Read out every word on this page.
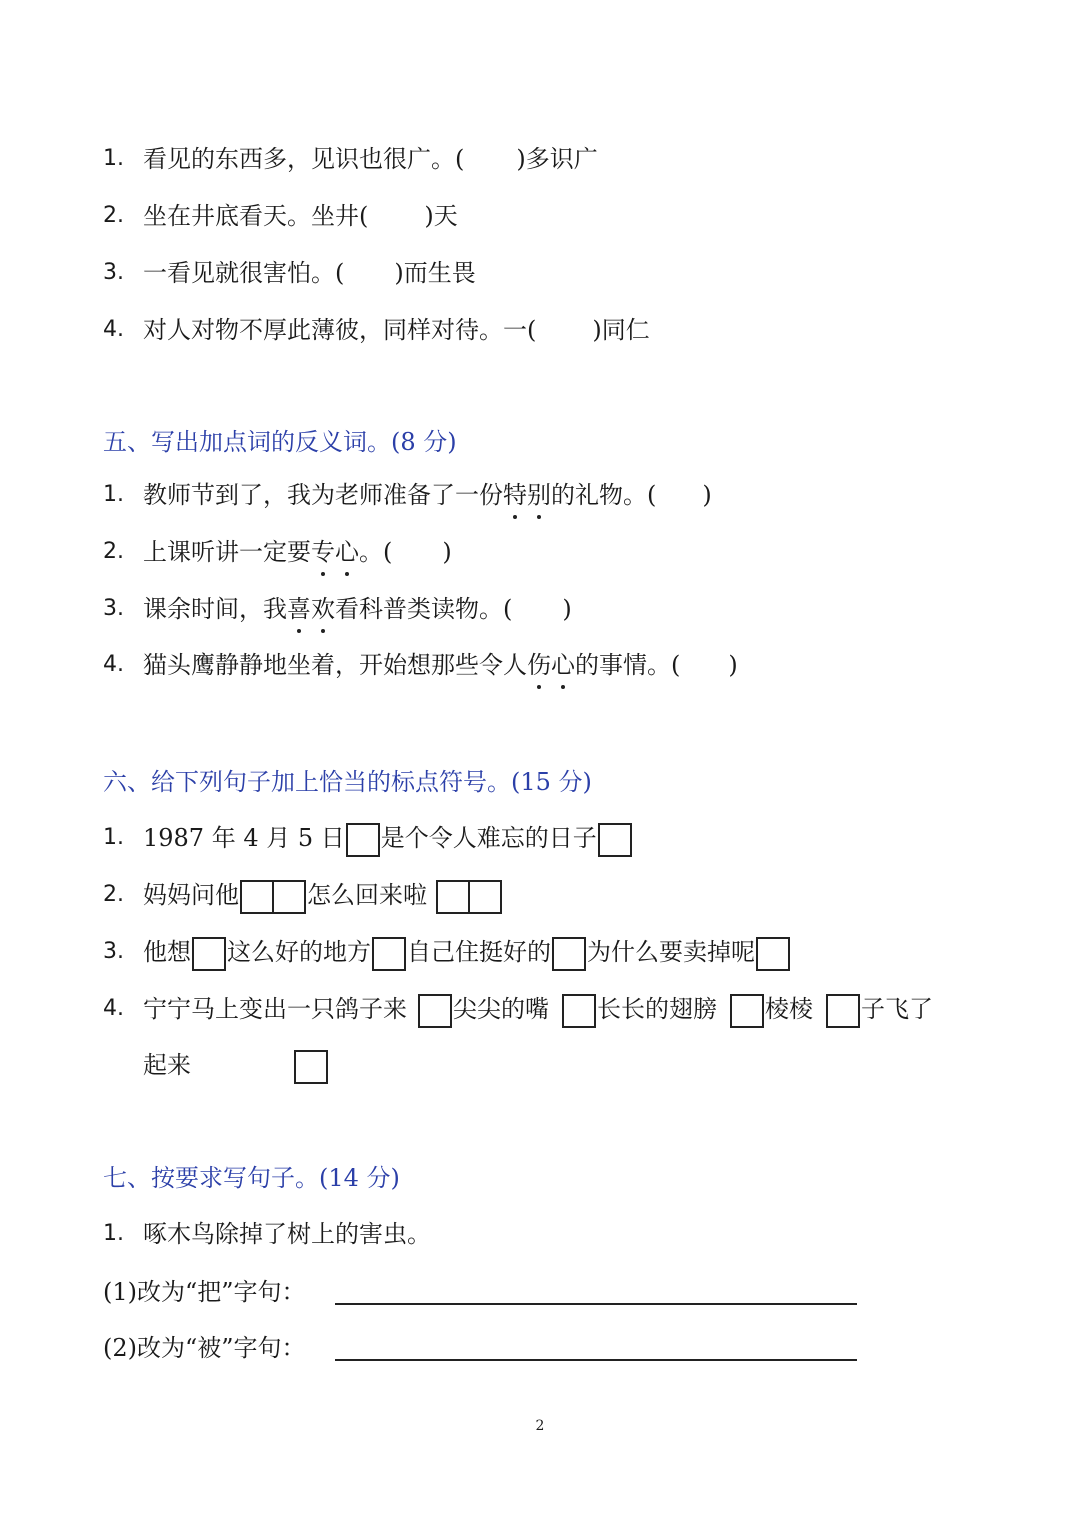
1. 看见的东西多，见识也很广。( )多识广
2. 坐在井底看天。坐井( )天
3. 一看见就很害怕。( )而生畏
4. 对人对物不厚此薄彼，同样对待。一( )同仁
五、写出加点词的反义词。(8 分)
1. 教师节到了，我为老师准备了一份特别的礼物。( )
2. 上课听讲一定要专心。( )
3. 课余时间，我喜欢看科普类读物。( )
4. 猫头鹰静静地坐着，开始想那些令人伤心的事情。( )
六、给下列句子加上恰当的标点符号。(15 分)
1. 1987 年 4 月 5 日 是个令人难忘的日子
2. 妈妈问他	怎么回来啦
3. 他想 这么好的地方 自己住挺好的 为什么要卖掉呢
4. 宁宁马上变出一只鸽子来 尖尖的嘴 长长的翅膀 棱棱 子飞了
起来
七、按要求写句子。(14 分)
1. 啄木鸟除掉了树上的害虫。
(1)改为“把”字句：
(2)改为“被”字句：
2
